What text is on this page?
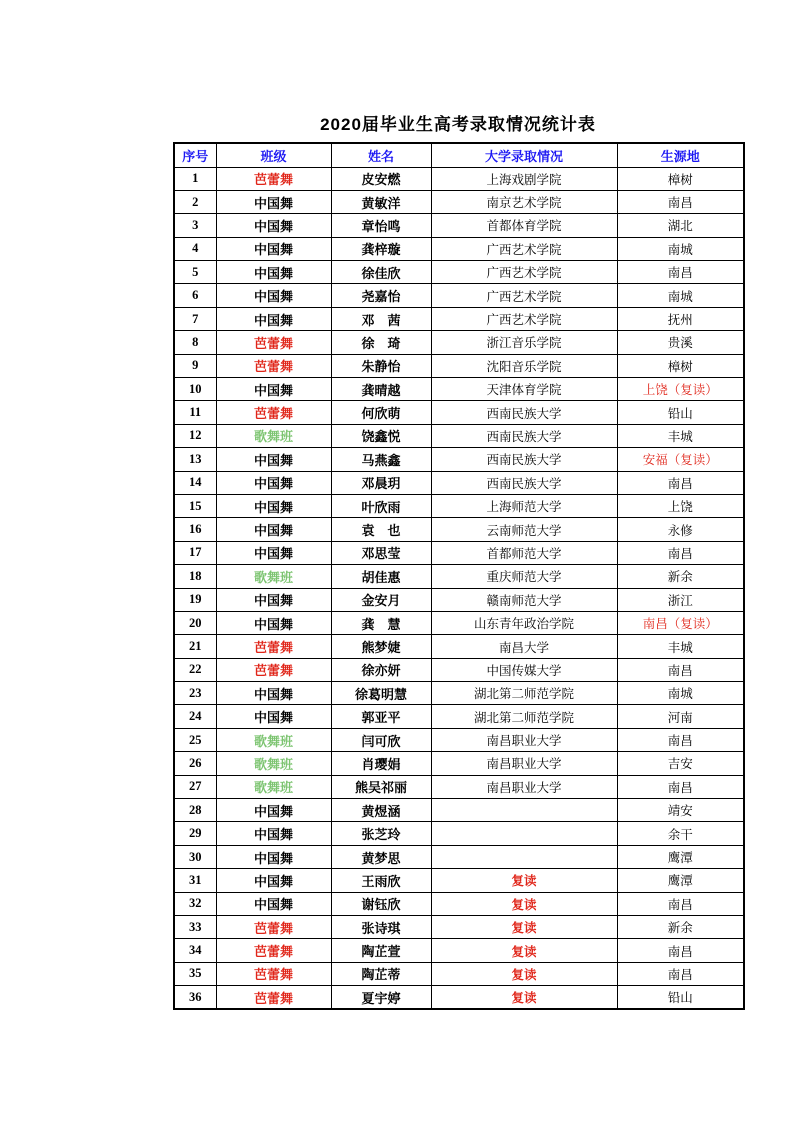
2020届毕业生高考录取情况统计表
序号	班级	姓名	大学录取情况	生源地
1	芭蕾舞	皮安燃	上海戏剧学院	樟树
2	中国舞	黄敏洋	南京艺术学院	南昌
3	中国舞	章怡鸣	首都体育学院	湖北
4	中国舞	龚梓璇	广西艺术学院	南城
5	中国舞	徐佳欣	广西艺术学院	南昌
6	中国舞	尧嘉怡	广西艺术学院	南城
7	中国舞	邓　茜	广西艺术学院	抚州
8	芭蕾舞	徐　琦	浙江音乐学院	贵溪
9	芭蕾舞	朱静怡	沈阳音乐学院	樟树
10	中国舞	龚晴越	天津体育学院	上饶（复读）
11	芭蕾舞	何欣萌	西南民族大学	铅山
12	歌舞班	饶鑫悦	西南民族大学	丰城
13	中国舞	马燕鑫	西南民族大学	安福（复读）
14	中国舞	邓晨玥	西南民族大学	南昌
15	中国舞	叶欣雨	上海师范大学	上饶
16	中国舞	袁　也	云南师范大学	永修
17	中国舞	邓思莹	首都师范大学	南昌
18	歌舞班	胡佳惠	重庆师范大学	新余
19	中国舞	金安月	赣南师范大学	浙江
20	中国舞	龚　慧	山东青年政治学院	南昌（复读）
21	芭蕾舞	熊梦婕	南昌大学	丰城
22	芭蕾舞	徐亦妍	中国传媒大学	南昌
23	中国舞	徐葛明慧	湖北第二师范学院	南城
24	中国舞	郭亚平	湖北第二师范学院	河南
25	歌舞班	闫可欣	南昌职业大学	南昌
26	歌舞班	肖璎娟	南昌职业大学	吉安
27	歌舞班	熊吴祁丽	南昌职业大学	南昌
28	中国舞	黄煜涵		靖安
29	中国舞	张芝玲		余干
30	中国舞	黄梦思		鹰潭
31	中国舞	王雨欣	复读	鹰潭
32	中国舞	谢钰欣	复读	南昌
33	芭蕾舞	张诗琪	复读	新余
34	芭蕾舞	陶芷萱	复读	南昌
35	芭蕾舞	陶芷蒂	复读	南昌
36	芭蕾舞	夏宇婷	复读	铅山
